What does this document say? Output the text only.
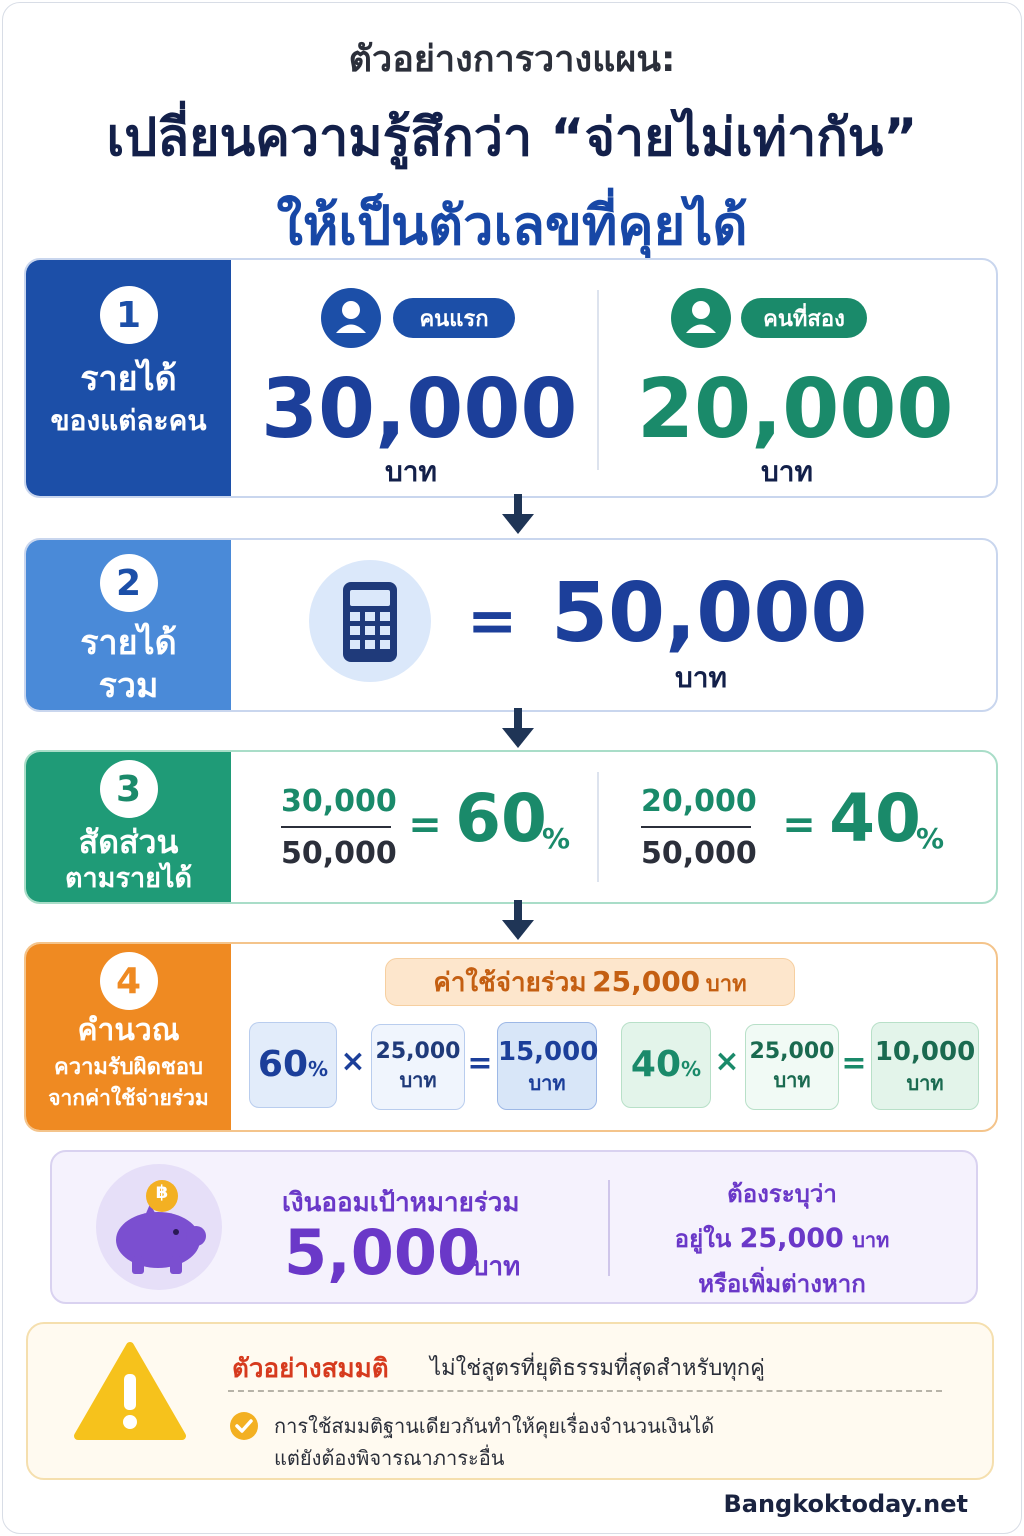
ตัวอย่างการวางแผน:
เปลี่ยนความรู้สึกว่า “จ่ายไม่เท่ากัน”
ให้เป็นตัวเลขที่คุยได้
1
รายได้
ของแต่ละคน
คนแรก
30,000
บาท
คนที่สอง
20,000
บาท
2
รายได้
รวม
= 50,000
บาท
3
สัดส่วน
ตามรายได้
30,000
50,000
= 60
%
20,000
50,000
= 40
%
4
คำนวณ
ความรับผิดชอบ
จากค่าใช้จ่ายร่วม
ค่าใช้จ่ายร่วม 25,000 บาท
60% × 25,000
บาท	= 15,000
บาท	40% × 25,000
บาท	= 10,000
บาท
฿	เงินออมเป้าหมายร่วม
5,000
บาท
ต้องระบุว่า
อยู่ใน 25,000 บาท
หรือเพิ่มต่างหาก
ตัวอย่างสมมติ ไม่ใช่สูตรที่ยุติธรรมที่สุดสำหรับทุกคู่
การใช้สมมติฐานเดียวกันทำให้คุยเรื่องจำนวนเงินได้
แต่ยังต้องพิจารณาภาระอื่น
Bangkoktoday.net
